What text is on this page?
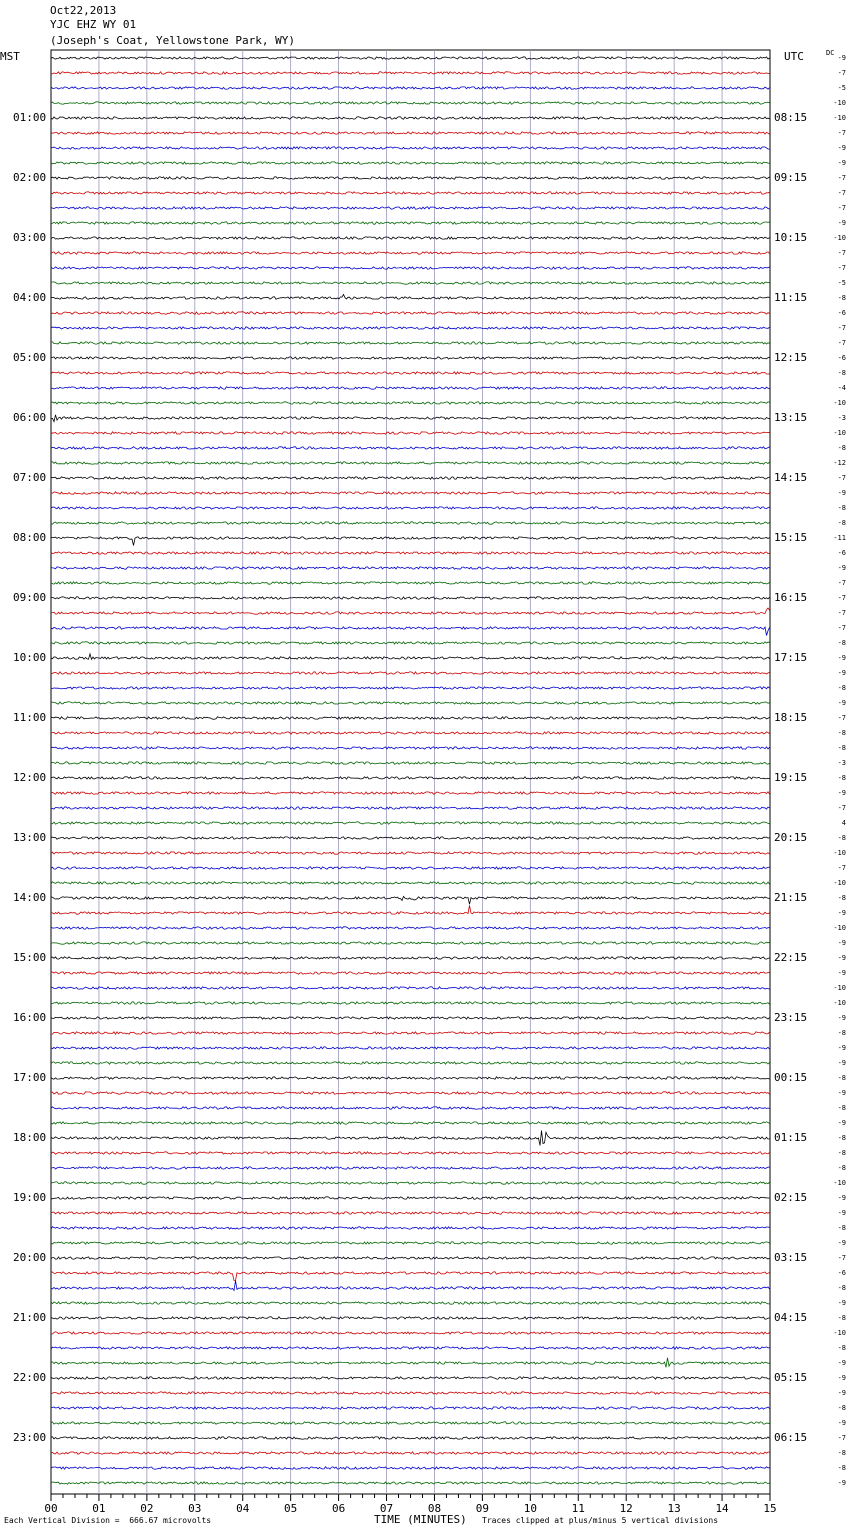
Oct22,2013
YJC EHZ WY 01
(Joseph's Coat, Yellowstone Park, WY)
MST	UTC	DC
01:00
02:00
03:00
04:00
05:00
06:00
07:00
08:00
09:00
10:00
11:00
12:00
13:00
14:00
15:00
16:00
17:00
18:00
19:00
20:00
21:00
22:00
23:00
08:15
09:15
10:15
11:15
12:15
13:15
14:15
15:15
16:15
17:15
18:15
19:15
20:15
21:15
22:15
23:15
00:15
01:15
02:15
03:15
04:15
05:15
06:15
-9
-7
-5
-10
-10
-7
-9
-9
-7
-7
-7
-9
-10
-7
-7
-5
-8
-6
-7
-7
-6
-8
-4
-10
-3
-10
-8
-12
-7
-9
-8
-8
-11
-6
-9
-7
-7
-7
-7
-8
-9
-9
-8
-9
-7
-8
-8
-3
-8
-9
-7
4
-8
-10
-7
-10
-8
-9
-10
-9
-9
-9
-10
-10
-9
-8
-9
-9
-8
-9
-8
-9
-8
-8
-8
-10
-9
-9
-8
-9
-7
-6
-8
-9
-8
-10
-8
-9
-9
-9
-8
-9
-7
-8
-8
-9
00	01	02	03	04	05	06	07	08	09	10	11	12	13	14	15
TIME (MINUTES)
Each Vertical Division =  666.67 microvolts	Traces clipped at plus/minus 5 vertical divisions
